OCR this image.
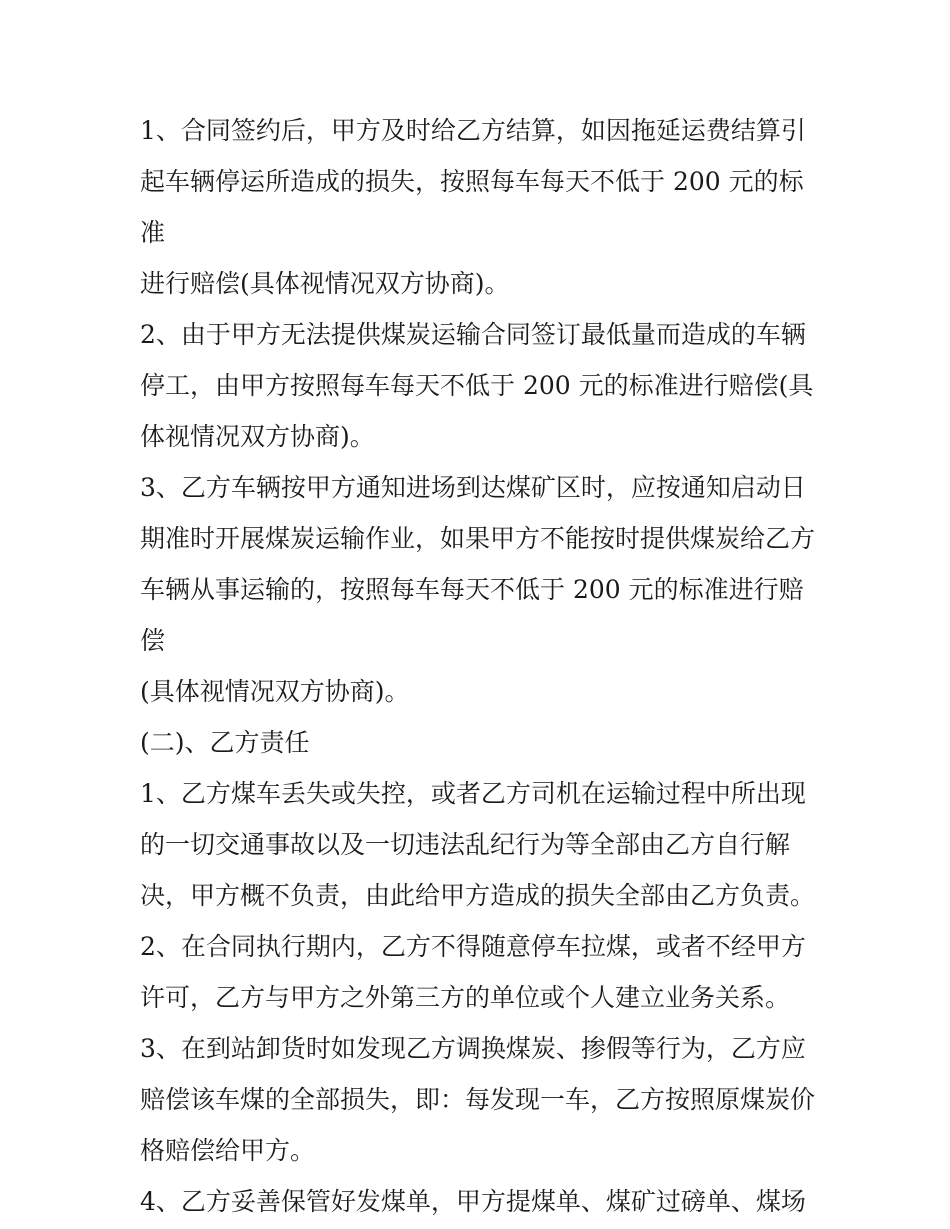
1、合同签约后，甲方及时给乙方结算，如因拖延运费结算引
起车辆停运所造成的损失，按照每车每天不低于 200 元的标准
进行赔偿(具体视情况双方协商)。
2、由于甲方无法提供煤炭运输合同签订最低量而造成的车辆
停工，由甲方按照每车每天不低于 200 元的标准进行赔偿(具
体视情况双方协商)。
3、乙方车辆按甲方通知进场到达煤矿区时，应按通知启动日
期准时开展煤炭运输作业，如果甲方不能按时提供煤炭给乙方
车辆从事运输的，按照每车每天不低于 200 元的标准进行赔偿
(具体视情况双方协商)。
(二)、乙方责任
1、乙方煤车丢失或失控，或者乙方司机在运输过程中所出现
的一切交通事故以及一切违法乱纪行为等全部由乙方自行解
决，甲方概不负责，由此给甲方造成的损失全部由乙方负责。
2、在合同执行期内，乙方不得随意停车拉煤，或者不经甲方
许可，乙方与甲方之外第三方的单位或个人建立业务关系。
3、在到站卸货时如发现乙方调换煤炭、掺假等行为，乙方应
赔偿该车煤的全部损失，即：每发现一车，乙方按照原煤炭价
格赔偿给甲方。
4、乙方妥善保管好发煤单，甲方提煤单、煤矿过磅单、煤场
